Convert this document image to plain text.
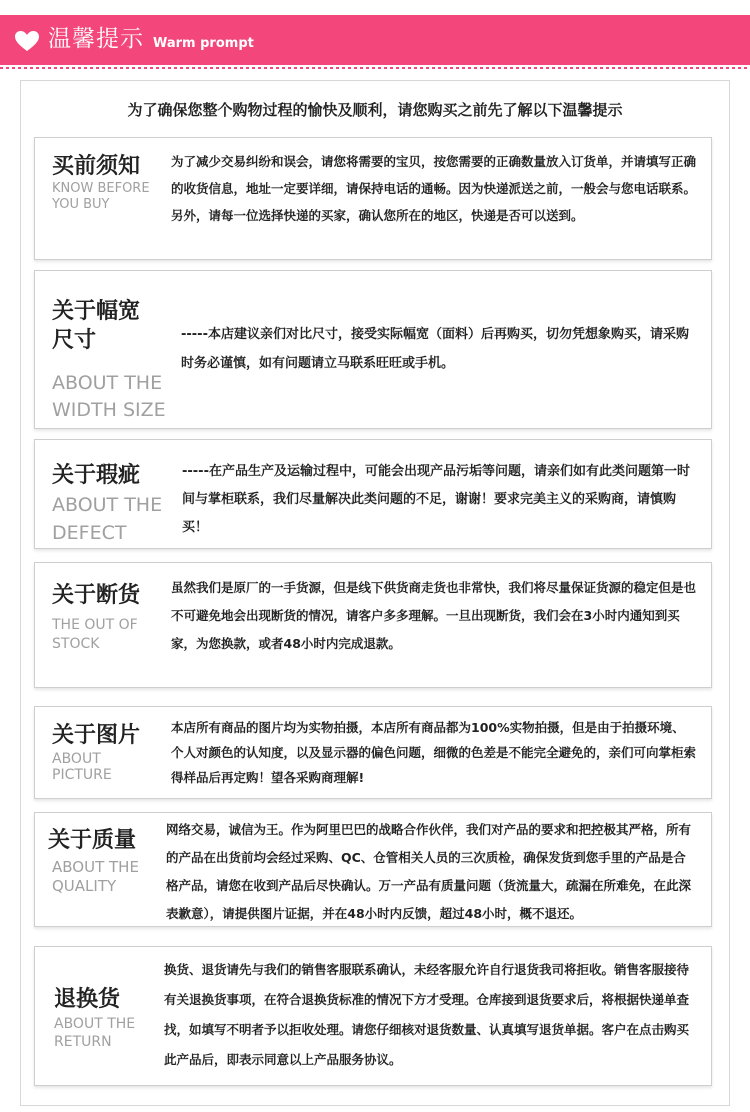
温馨提示 Warm prompt
为了确保您整个购物过程的愉快及顺利，请您购买之前先了解以下温馨提示
买前须知
KNOW BEFORE
YOU BUY
为了减少交易纠纷和误会，请您将需要的宝贝，按您需要的正确数量放入订货单，并请填写正确的收货信息，地址一定要详细，请保持电话的通畅。因为快递派送之前，一般会与您电话联系。另外，请每一位选择快递的买家，确认您所在的地区，快递是否可以送到。
关于幅宽
尺寸
ABOUT THE
WIDTH SIZE
-----本店建议亲们对比尺寸，接受实际幅宽（面料）后再购买，切勿凭想象购买，请采购时务必谨慎，如有问题请立马联系旺旺或手机。
关于瑕疵
ABOUT THE
DEFECT
-----在产品生产及运输过程中，可能会出现产品污垢等问题，请亲们如有此类问题第一时间与掌柜联系，我们尽量解决此类问题的不足，谢谢！要求完美主义的采购商，请慎购买！
关于断货
THE OUT OF
STOCK
虽然我们是原厂的一手货源，但是线下供货商走货也非常快，我们将尽量保证货源的稳定但是也不可避免地会出现断货的情况，请客户多多理解。一旦出现断货，我们会在3小时内通知到买家，为您换款，或者48小时内完成退款。
关于图片
ABOUT
PICTURE
本店所有商品的图片均为实物拍摄，本店所有商品都为100%实物拍摄，但是由于拍摄环境、个人对颜色的认知度，以及显示器的偏色问题，细微的色差是不能完全避免的，亲们可向掌柜索得样品后再定购！望各采购商理解!
关于质量
ABOUT THE
QUALITY
网络交易，诚信为王。作为阿里巴巴的战略合作伙伴，我们对产品的要求和把控极其严格，所有的产品在出货前均会经过采购、QC、仓管相关人员的三次质检，确保发货到您手里的产品是合格产品，请您在收到产品后尽快确认。万一产品有质量问题（货流量大，疏漏在所难免，在此深表歉意），请提供图片证据，并在48小时内反馈，超过48小时，概不退还。
退换货
ABOUT THE
RETURN
换货、退货请先与我们的销售客服联系确认，未经客服允许自行退货我司将拒收。销售客服接待有关退换货事项，在符合退换货标准的情况下方才受理。仓库接到退货要求后，将根据快递单查找，如填写不明者予以拒收处理。请您仔细核对退货数量、认真填写退货单据。客户在点击购买此产品后，即表示同意以上产品服务协议。
